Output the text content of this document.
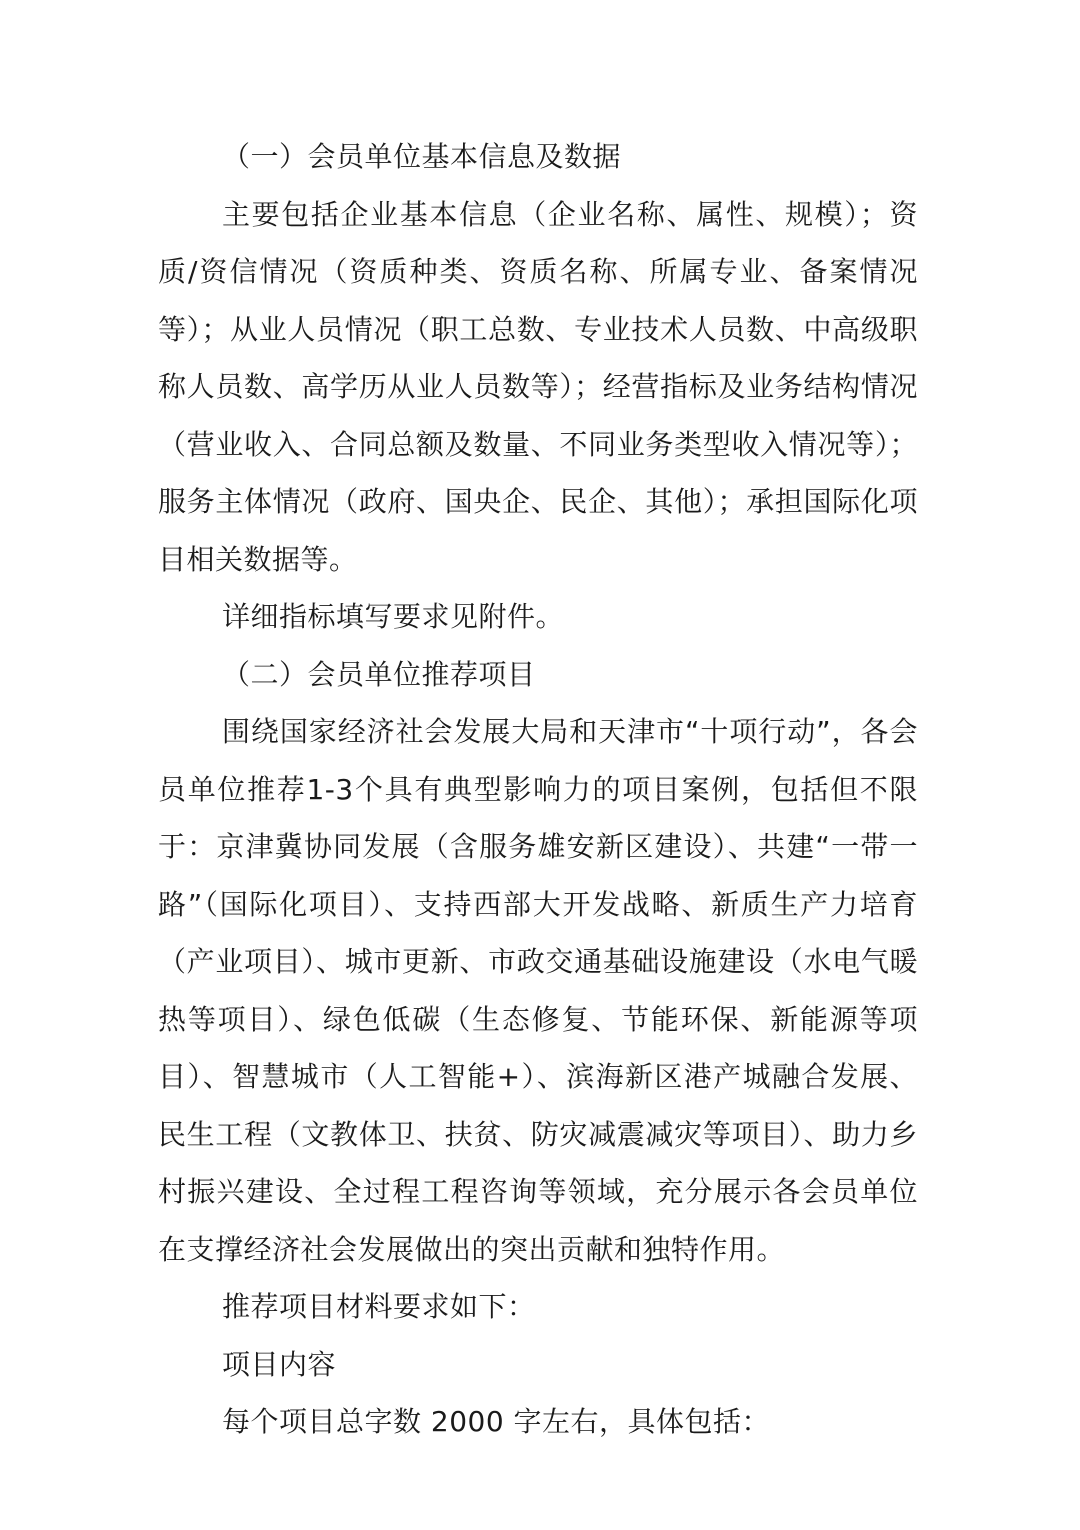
（一）会员单位基本信息及数据

主要包括企业基本信息（企业名称、属性、规模）；资质/资信情况（资质种类、资质名称、所属专业、备案情况等）；从业人员情况（职工总数、专业技术人员数、中高级职称人员数、高学历从业人员数等）；经营指标及业务结构情况（营业收入、合同总额及数量、不同业务类型收入情况等）；服务主体情况（政府、国央企、民企、其他）；承担国际化项目相关数据等。

详细指标填写要求见附件。

（二）会员单位推荐项目

围绕国家经济社会发展大局和天津市“十项行动”，各会员单位推荐1-3个具有典型影响力的项目案例，包括但不限于：京津冀协同发展（含服务雄安新区建设）、共建“一带一路”（国际化项目）、支持西部大开发战略、新质生产力培育（产业项目）、城市更新、市政交通基础设施建设（水电气暖热等项目）、绿色低碳（生态修复、节能环保、新能源等项目）、智慧城市（人工智能+）、滨海新区港产城融合发展、民生工程（文教体卫、扶贫、防灾减震减灾等项目）、助力乡村振兴建设、全过程工程咨询等领域，充分展示各会员单位在支撑经济社会发展做出的突出贡献和独特作用。

推荐项目材料要求如下：

项目内容

每个项目总字数 2000 字左右，具体包括：
